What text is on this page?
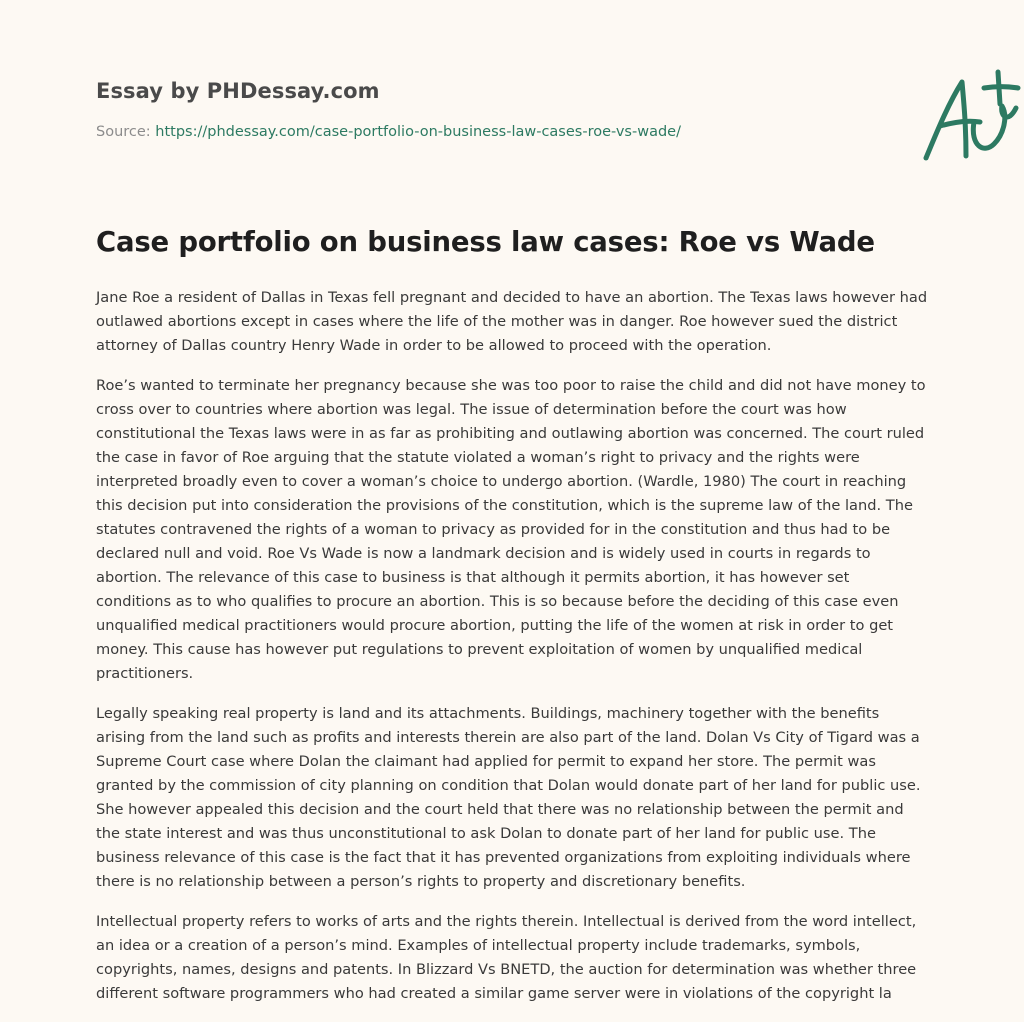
Essay by PHDessay.com
Source: https://phdessay.com/case-portfolio-on-business-law-cases-roe-vs-wade/
Case portfolio on business law cases: Roe vs Wade

Jane Roe a resident of Dallas in Texas fell pregnant and decided to have an abortion. The Texas laws however had outlawed abortions except in cases where the life of the mother was in danger. Roe however sued the district attorney of Dallas country Henry Wade in order to be allowed to proceed with the operation.

Roe’s wanted to terminate her pregnancy because she was too poor to raise the child and did not have money to cross over to countries where abortion was legal. The issue of determination before the court was how constitutional the Texas laws were in as far as prohibiting and outlawing abortion was concerned. The court ruled the case in favor of Roe arguing that the statute violated a woman’s right to privacy and the rights were interpreted broadly even to cover a woman’s choice to undergo abortion. (Wardle, 1980) The court in reaching this decision put into consideration the provisions of the constitution, which is the supreme law of the land. The statutes contravened the rights of a woman to privacy as provided for in the constitution and thus had to be declared null and void. Roe Vs Wade is now a landmark decision and is widely used in courts in regards to abortion. The relevance of this case to business is that although it permits abortion, it has however set conditions as to who qualifies to procure an abortion. This is so because before the deciding of this case even unqualified medical practitioners would procure abortion, putting the life of the women at risk in order to get money. This cause has however put regulations to prevent exploitation of women by unqualified medical practitioners.

Legally speaking real property is land and its attachments. Buildings, machinery together with the benefits arising from the land such as profits and interests therein are also part of the land. Dolan Vs City of Tigard was a Supreme Court case where Dolan the claimant had applied for permit to expand her store. The permit was granted by the commission of city planning on condition that Dolan would donate part of her land for public use. She however appealed this decision and the court held that there was no relationship between the permit and the state interest and was thus unconstitutional to ask Dolan to donate part of her land for public use. The business relevance of this case is the fact that it has prevented organizations from exploiting individuals where there is no relationship between a person’s rights to property and discretionary benefits.

Intellectual property refers to works of arts and the rights therein. Intellectual is derived from the word intellect, an idea or a creation of a person’s mind. Examples of intellectual property include trademarks, symbols, copyrights, names, designs and patents. In Blizzard Vs BNETD, the auction for determination was whether three different software programmers who had created a similar game server were in violations of the copyright la
